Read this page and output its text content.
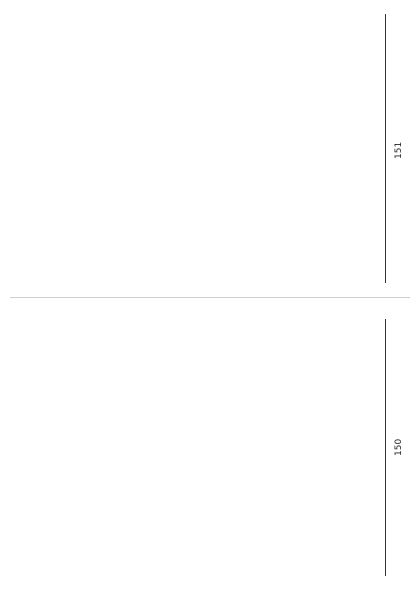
150

151
